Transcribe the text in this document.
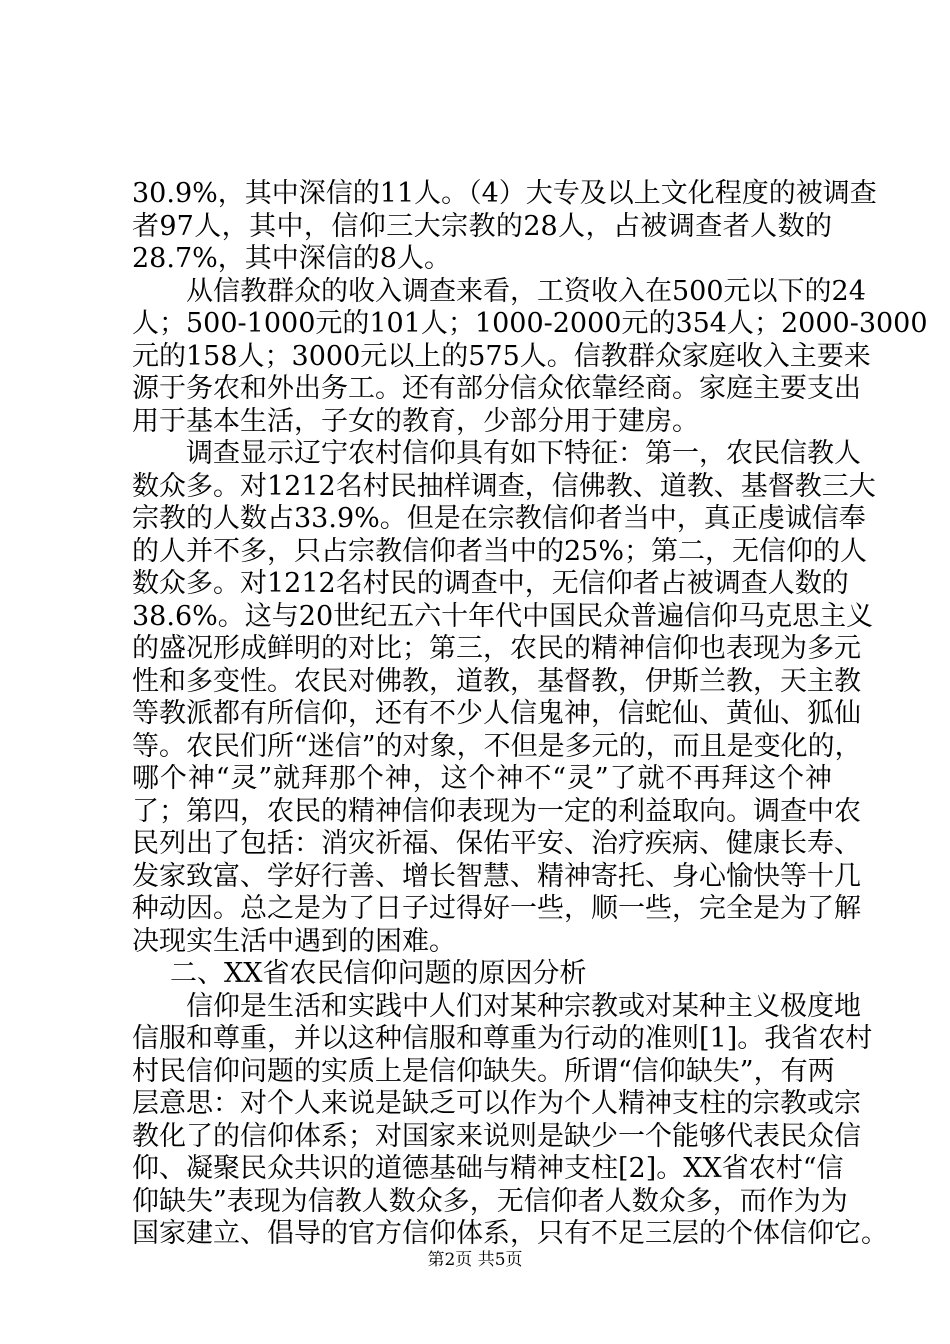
30.9%，其中深信的11人。（4）大专及以上文化程度的被调查
者97人，其中，信仰三大宗教的28人，占被调查者人数的
28.7%，其中深信的8人。
从信教群众的收入调查来看，工资收入在500元以下的24
人；500-1000元的101人；1000-2000元的354人；2000-3000
元的158人；3000元以上的575人。信教群众家庭收入主要来
源于务农和外出务工。还有部分信众依靠经商。家庭主要支出
用于基本生活，子女的教育，少部分用于建房。
调查显示辽宁农村信仰具有如下特征：第一，农民信教人
数众多。对1212名村民抽样调查，信佛教、道教、基督教三大
宗教的人数占33.9%。但是在宗教信仰者当中，真正虔诚信奉
的人并不多，只占宗教信仰者当中的25%；第二，无信仰的人
数众多。对1212名村民的调查中，无信仰者占被调查人数的
38.6%。这与20世纪五六十年代中国民众普遍信仰马克思主义
的盛况形成鲜明的对比；第三，农民的精神信仰也表现为多元
性和多变性。农民对佛教，道教，基督教，伊斯兰教，天主教
等教派都有所信仰，还有不少人信鬼神，信蛇仙、黄仙、狐仙
等。农民们所“迷信”的对象，不但是多元的，而且是变化的，
哪个神“灵”就拜那个神，这个神不“灵”了就不再拜这个神
了；第四，农民的精神信仰表现为一定的利益取向。调查中农
民列出了包括：消灾祈福、保佑平安、治疗疾病、健康长寿、
发家致富、学好行善、增长智慧、精神寄托、身心愉快等十几
种动因。总之是为了日子过得好一些，顺一些，完全是为了解
决现实生活中遇到的困难。
二、XX省农民信仰问题的原因分析
信仰是生活和实践中人们对某种宗教或对某种主义极度地
信服和尊重，并以这种信服和尊重为行动的准则[1]。我省农村
村民信仰问题的实质上是信仰缺失。所谓“信仰缺失”，有两
层意思：对个人来说是缺乏可以作为个人精神支柱的宗教或宗
教化了的信仰体系；对国家来说则是缺少一个能够代表民众信
仰、凝聚民众共识的道德基础与精神支柱[2]。XX省农村“信
仰缺失”表现为信教人数众多，无信仰者人数众多，而作为为
国家建立、倡导的官方信仰体系，只有不足三层的个体信仰它。
第2页 共5页
